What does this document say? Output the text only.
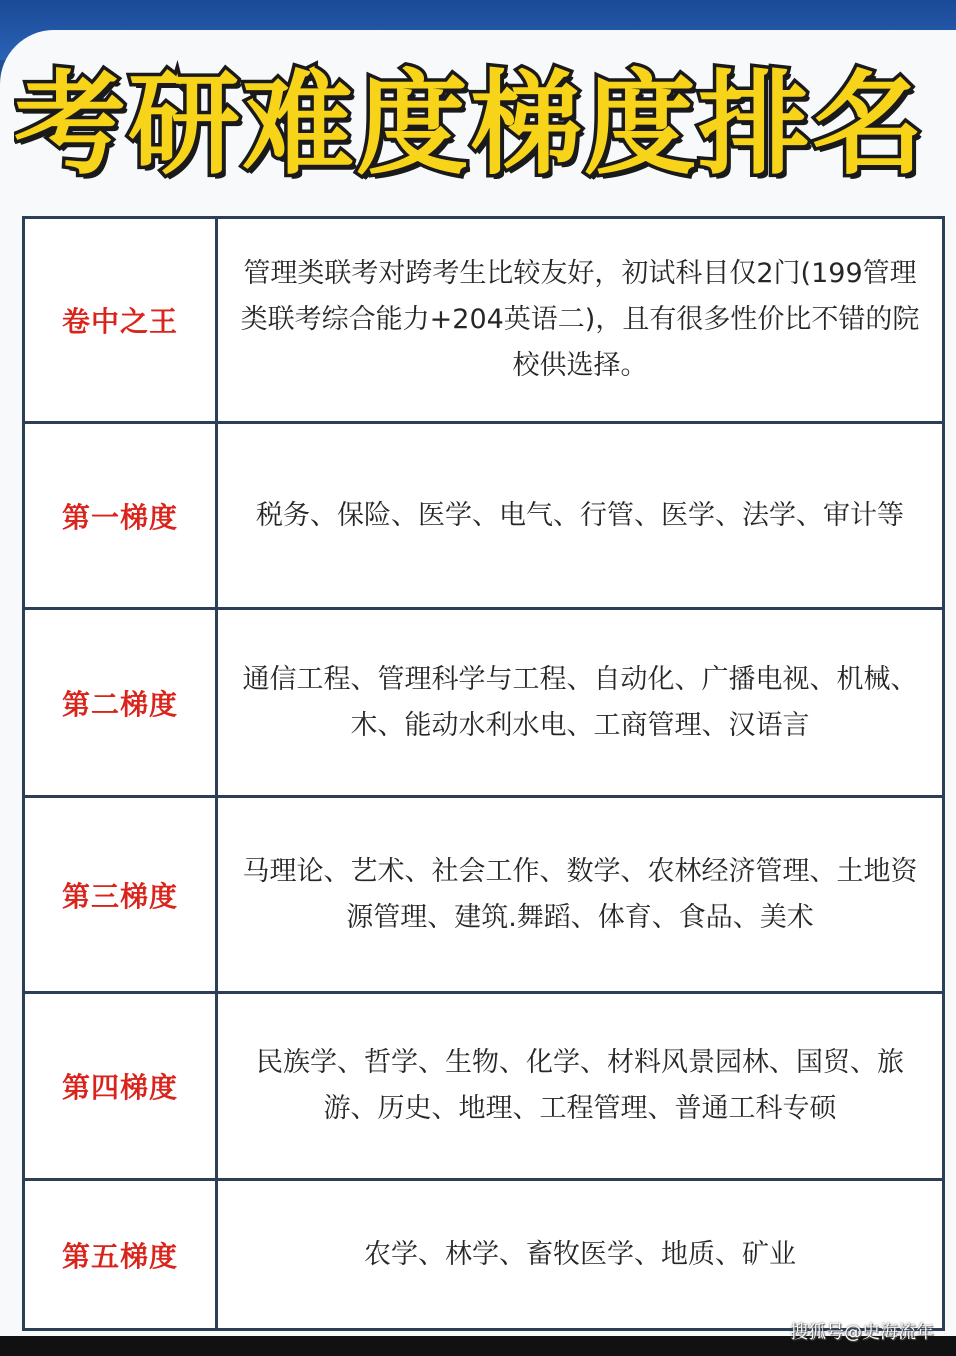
考研难度梯度排名
卷中之王	管理类联考对跨考生比较友好，初试科目仅2门(199管理类联考综合能力+204英语二)，且有很多性价比不错的院校供选择。
第一梯度	税务、保险、医学、电气、行管、医学、法学、审计等
第二梯度	通信工程、管理科学与工程、自动化、广播电视、机械、木、能动水利水电、工商管理、汉语言
第三梯度	马理论、艺术、社会工作、数学、农林经济管理、土地资源管理、建筑.舞蹈、体育、食品、美术
第四梯度	民族学、哲学、生物、化学、材料风景园林、国贸、旅游、历史、地理、工程管理、普通工科专硕
第五梯度	农学、林学、畜牧医学、地质、矿业
搜狐号@史海流年
